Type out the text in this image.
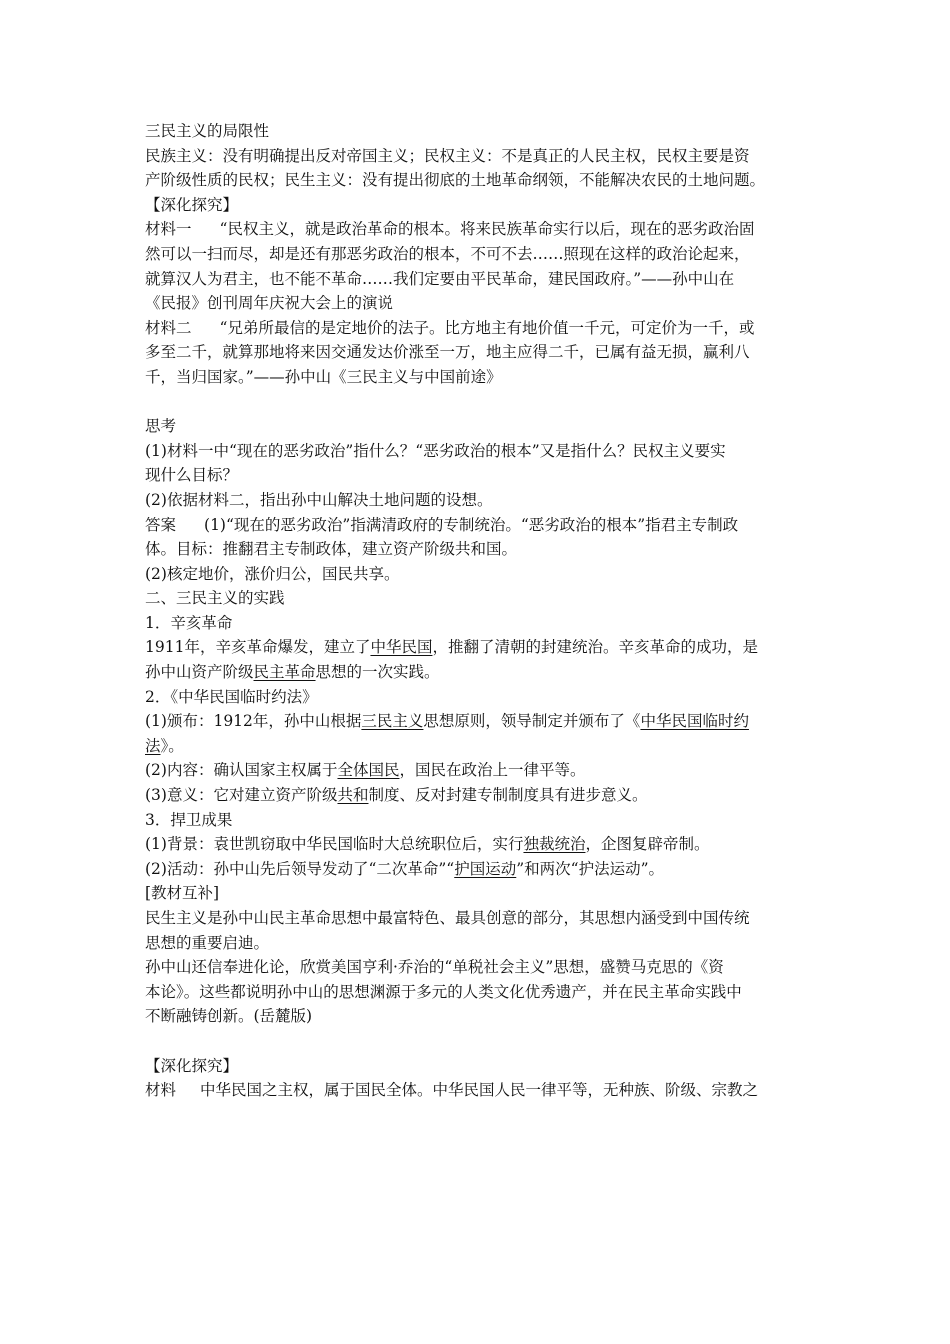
三民主义的局限性
民族主义：没有明确提出反对帝国主义；民权主义：不是真正的人民主权，民权主要是资
产阶级性质的民权；民生主义：没有提出彻底的土地革命纲领，不能解决农民的土地问题。
【深化探究】
材料一 “民权主义，就是政治革命的根本。将来民族革命实行以后，现在的恶劣政治固
然可以一扫而尽，却是还有那恶劣政治的根本，不可不去……照现在这样的政治论起来，
就算汉人为君主，也不能不革命……我们定要由平民革命，建民国政府。”——孙中山在
《民报》创刊周年庆祝大会上的演说
材料二 “兄弟所最信的是定地价的法子。比方地主有地价值一千元，可定价为一千，或
多至二千，就算那地将来因交通发达价涨至一万，地主应得二千，已属有益无损，赢利八
千，当归国家。”——孙中山《三民主义与中国前途》
思考
(1)材料一中“现在的恶劣政治”指什么？“恶劣政治的根本”又是指什么？民权主义要实
现什么目标？
(2)依据材料二，指出孙中山解决土地问题的设想。
答案 (1)“现在的恶劣政治”指满清政府的专制统治。“恶劣政治的根本”指君主专制政
体。目标：推翻君主专制政体，建立资产阶级共和国。
(2)核定地价，涨价归公，国民共享。
二、三民主义的实践
1．辛亥革命
1911年，辛亥革命爆发，建立了中华民国，推翻了清朝的封建统治。辛亥革命的成功，是
孙中山资产阶级民主革命思想的一次实践。
2．《中华民国临时约法》
(1)颁布：1912年，孙中山根据三民主义思想原则，领导制定并颁布了《中华民国临时约
法》。
(2)内容：确认国家主权属于全体国民，国民在政治上一律平等。
(3)意义：它对建立资产阶级共和制度、反对封建专制制度具有进步意义。
3．捍卫成果
(1)背景：袁世凯窃取中华民国临时大总统职位后，实行独裁统治，企图复辟帝制。
(2)活动：孙中山先后领导发动了“二次革命”“护国运动”和两次“护法运动”。
[教材互补]
民生主义是孙中山民主革命思想中最富特色、最具创意的部分，其思想内涵受到中国传统
思想的重要启迪。
孙中山还信奉进化论，欣赏美国亨利·乔治的“单税社会主义”思想，盛赞马克思的《资
本论》。这些都说明孙中山的思想渊源于多元的人类文化优秀遗产，并在民主革命实践中
不断融铸创新。(岳麓版)
【深化探究】
材料 中华民国之主权，属于国民全体。中华民国人民一律平等，无种族、阶级、宗教之
